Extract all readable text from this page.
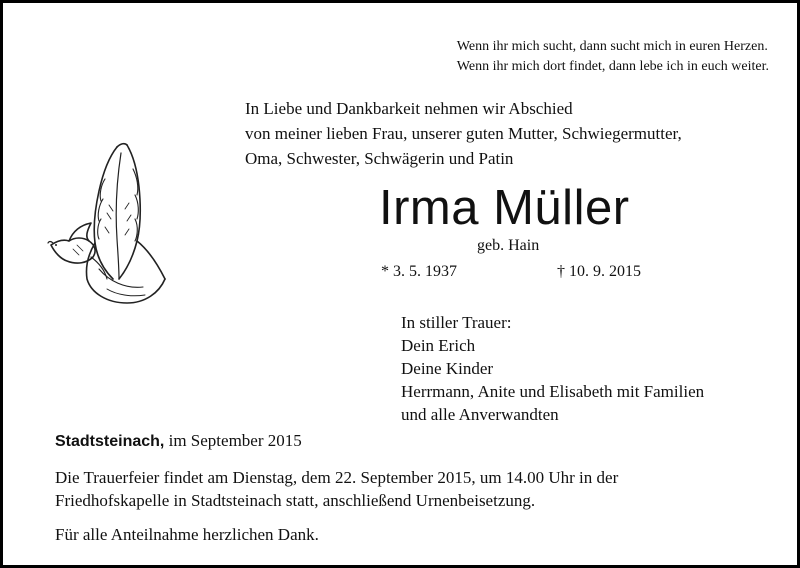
Wenn ihr mich sucht, dann sucht mich in euren Herzen.
Wenn ihr mich dort findet, dann lebe ich in euch weiter.
In Liebe und Dankbarkeit nehmen wir Abschied
von meiner lieben Frau, unserer guten Mutter, Schwiegermutter,
Oma, Schwester, Schwägerin und Patin
Irma Müller
geb. Hain
* 3. 5. 1937	† 10. 9. 2015
In stiller Trauer:
Dein Erich
Deine Kinder
Herrmann, Anite und Elisabeth mit Familien
und alle Anverwandten
Stadtsteinach, im September 2015
Die Trauerfeier findet am Dienstag, dem 22. September 2015, um 14.00 Uhr in der
Friedhofskapelle in Stadtsteinach statt, anschließend Urnenbeisetzung.
Für alle Anteilnahme herzlichen Dank.
